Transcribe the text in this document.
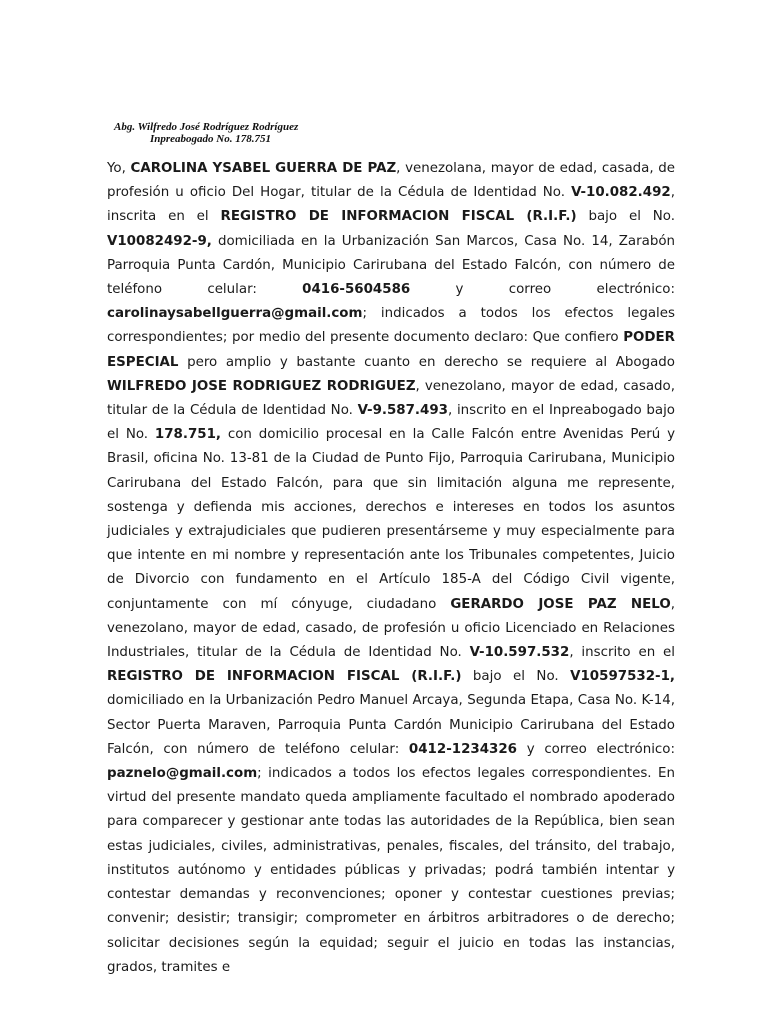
Abg. Wilfredo José Rodríguez Rodríguez
Inpreabogado No. 178.751

Yo, CAROLINA YSABEL GUERRA DE PAZ, venezolana, mayor de edad, casada, de profesión u oficio Del Hogar, titular de la Cédula de Identidad No. V-10.082.492, inscrita en el REGISTRO DE INFORMACION FISCAL (R.I.F.) bajo el No. V10082492-9, domiciliada en la Urbanización San Marcos, Casa No. 14, Zarabón Parroquia Punta Cardón, Municipio Carirubana del Estado Falcón, con número de teléfono celular: 0416-5604586 y correo electrónico: carolinaysabellguerra@gmail.com; indicados a todos los efectos legales correspondientes; por medio del presente documento declaro: Que confiero PODER ESPECIAL pero amplio y bastante cuanto en derecho se requiere al Abogado WILFREDO JOSE RODRIGUEZ RODRIGUEZ, venezolano, mayor de edad, casado, titular de la Cédula de Identidad No. V-9.587.493, inscrito en el Inpreabogado bajo el No. 178.751, con domicilio procesal en la Calle Falcón entre Avenidas Perú y Brasil, oficina No. 13-81 de la Ciudad de Punto Fijo, Parroquia Carirubana, Municipio Carirubana del Estado Falcón, para que sin limitación alguna me represente, sostenga y defienda mis acciones, derechos e intereses en todos los asuntos judiciales y extrajudiciales que pudieren presentárseme y muy especialmente para que intente en mi nombre y representación ante los Tribunales competentes, Juicio de Divorcio con fundamento en el Artículo 185-A del Código Civil vigente, conjuntamente con mí cónyuge, ciudadano GERARDO JOSE PAZ NELO, venezolano, mayor de edad, casado, de profesión u oficio Licenciado en Relaciones Industriales, titular de la Cédula de Identidad No. V-10.597.532, inscrito en el REGISTRO DE INFORMACION FISCAL (R.I.F.) bajo el No. V10597532-1, domiciliado en la Urbanización Pedro Manuel Arcaya, Segunda Etapa, Casa No. K-14, Sector Puerta Maraven, Parroquia Punta Cardón Municipio Carirubana del Estado Falcón, con número de teléfono celular: 0412-1234326 y correo electrónico: paznelo@gmail.com; indicados a todos los efectos legales correspondientes. En virtud del presente mandato queda ampliamente facultado el nombrado apoderado para comparecer y gestionar ante todas las autoridades de la República, bien sean estas judiciales, civiles, administrativas, penales, fiscales, del tránsito, del trabajo, institutos autónomo y entidades públicas y privadas; podrá también intentar y contestar demandas y reconvenciones; oponer y contestar cuestiones previas; convenir; desistir; transigir; comprometer en árbitros arbitradores o de derecho; solicitar decisiones según la equidad; seguir el juicio en todas las instancias, grados, tramites e
